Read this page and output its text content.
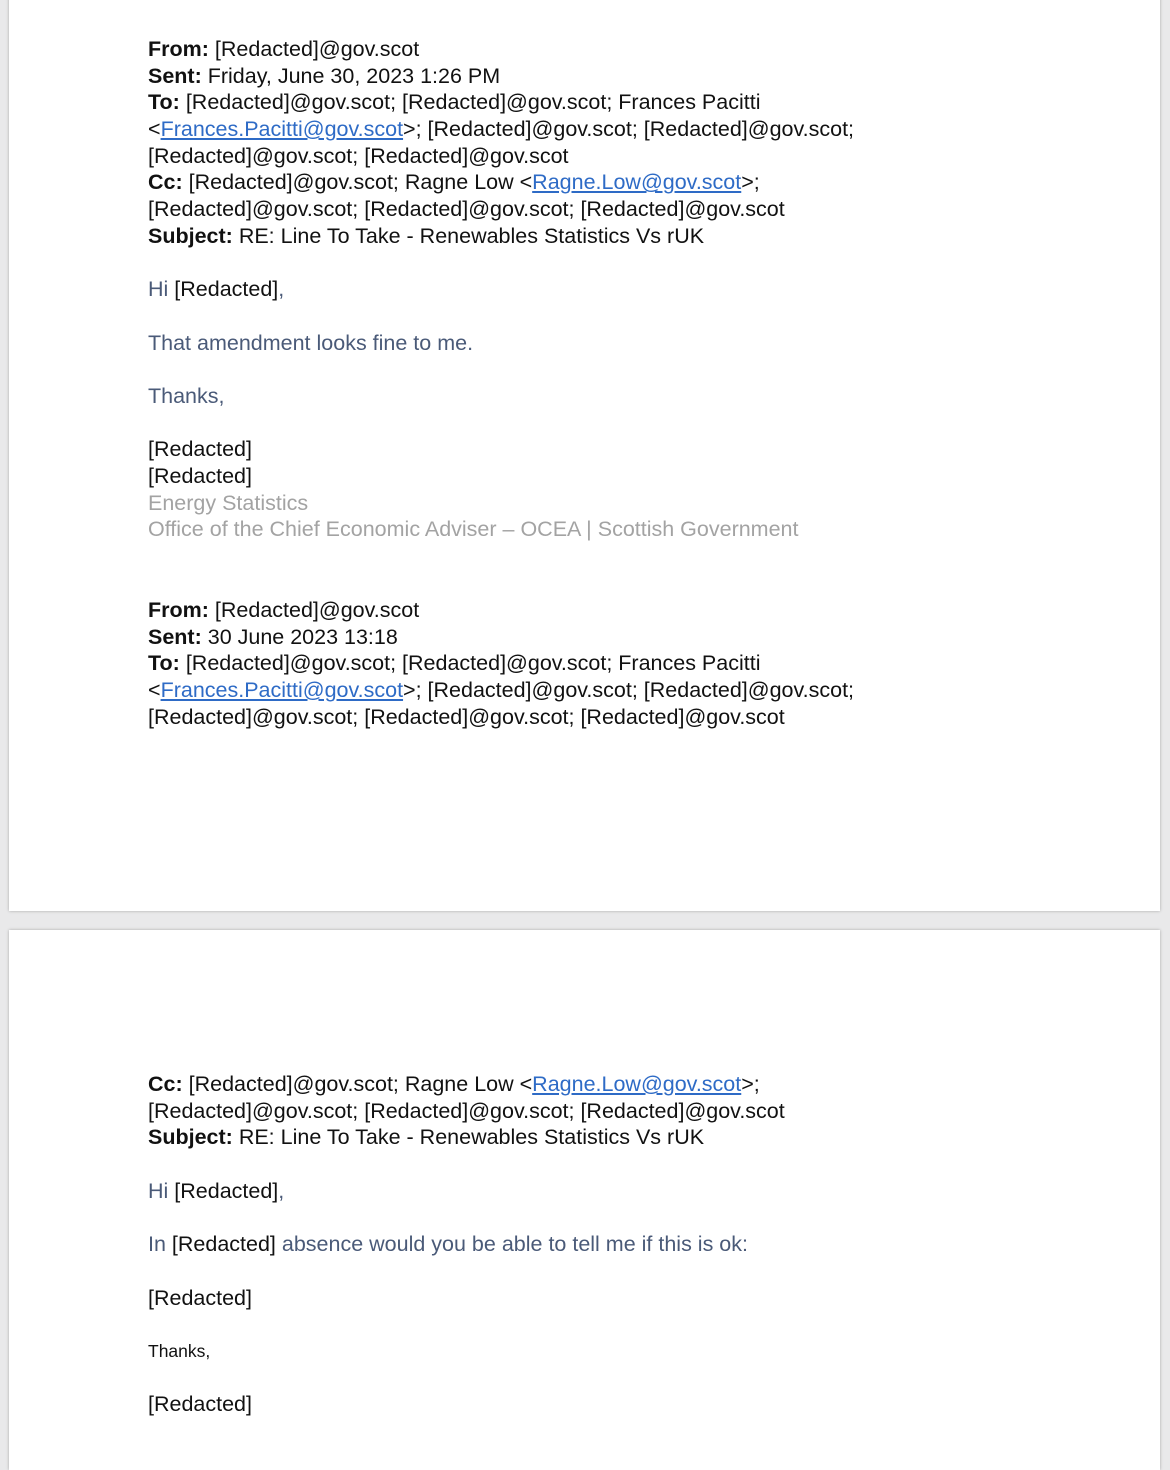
From: [Redacted]@gov.scot
Sent: Friday, June 30, 2023 1:26 PM
To: [Redacted]@gov.scot; [Redacted]@gov.scot; Frances Pacitti
<Frances.Pacitti@gov.scot>; [Redacted]@gov.scot; [Redacted]@gov.scot;
[Redacted]@gov.scot; [Redacted]@gov.scot
Cc: [Redacted]@gov.scot; Ragne Low <Ragne.Low@gov.scot>;
[Redacted]@gov.scot; [Redacted]@gov.scot; [Redacted]@gov.scot
Subject: RE: Line To Take - Renewables Statistics Vs rUK
Hi [Redacted],
That amendment looks fine to me.
Thanks,
[Redacted]
[Redacted]
Energy Statistics
Office of the Chief Economic Adviser – OCEA | Scottish Government
From: [Redacted]@gov.scot
Sent: 30 June 2023 13:18
To: [Redacted]@gov.scot; [Redacted]@gov.scot; Frances Pacitti
<Frances.Pacitti@gov.scot>; [Redacted]@gov.scot; [Redacted]@gov.scot;
[Redacted]@gov.scot; [Redacted]@gov.scot; [Redacted]@gov.scot
Cc: [Redacted]@gov.scot; Ragne Low <Ragne.Low@gov.scot>;
[Redacted]@gov.scot; [Redacted]@gov.scot; [Redacted]@gov.scot
Subject: RE: Line To Take - Renewables Statistics Vs rUK
Hi [Redacted],
In [Redacted] absence would you be able to tell me if this is ok:
[Redacted]
Thanks,
[Redacted]
